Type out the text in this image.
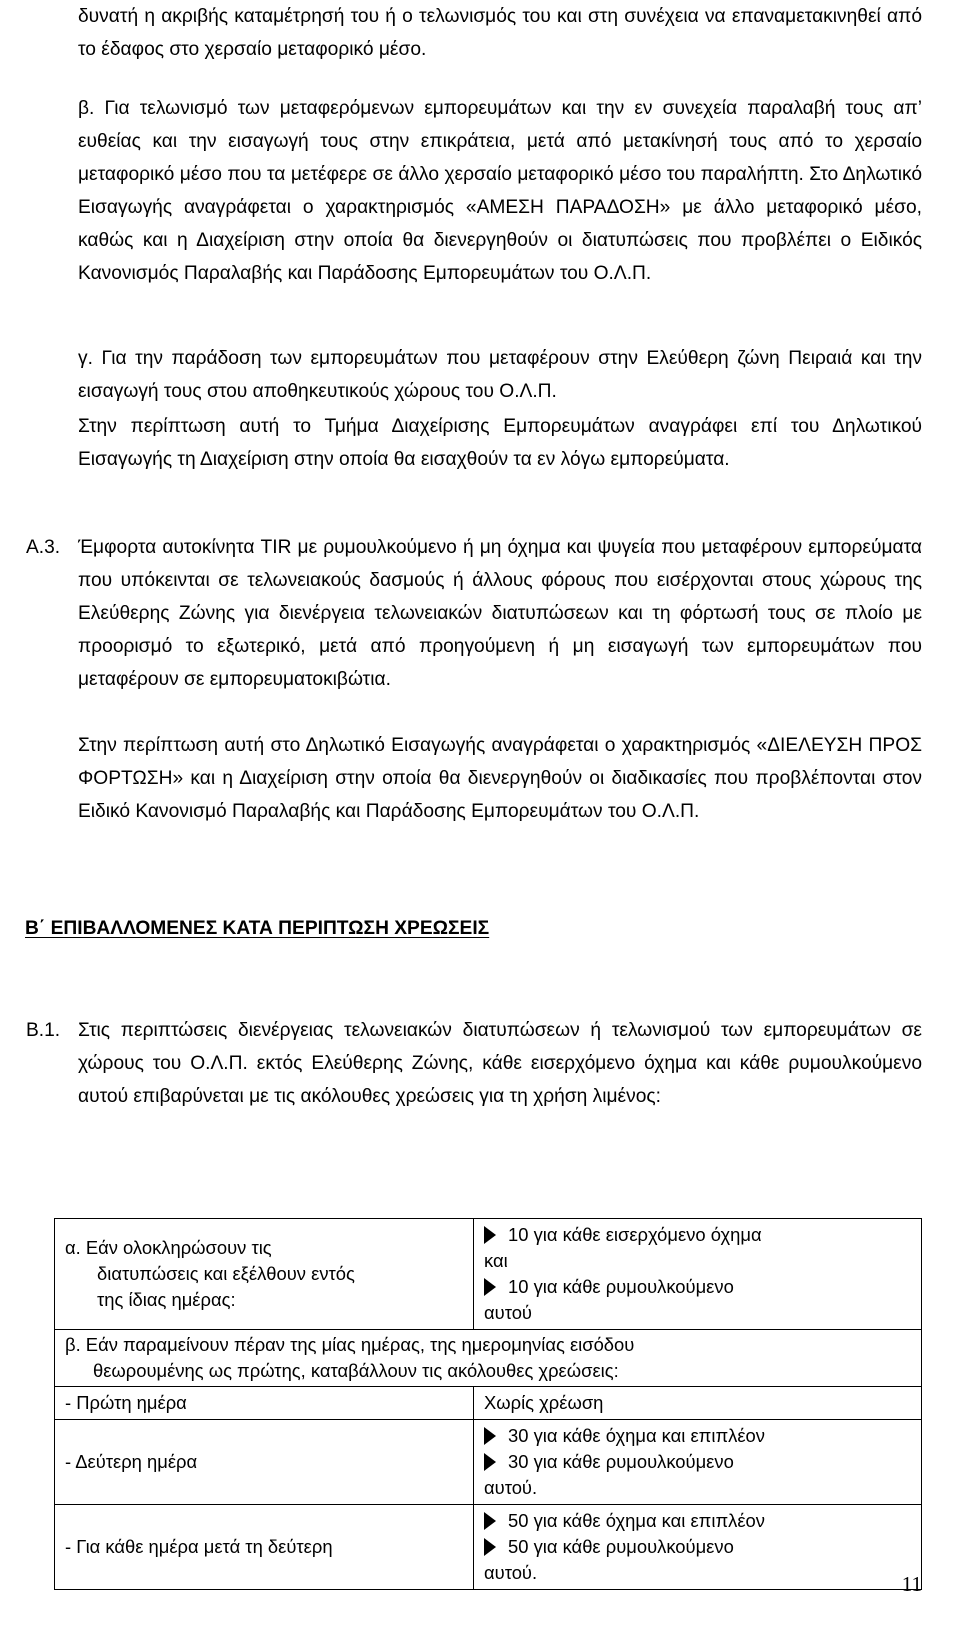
δυνατή η ακριβής καταμέτρησή του ή ο τελωνισμός του και στη συνέχεια να επαναμετακινηθεί από το έδαφος στο χερσαίο μεταφορικό μέσο.

β. Για τελωνισμό των μεταφερόμενων εμπορευμάτων και την εν συνεχεία παραλαβή τους απ’ ευθείας και την εισαγωγή τους στην επικράτεια, μετά από μετακίνησή τους από το χερσαίο μεταφορικό μέσο που τα μετέφερε σε άλλο χερσαίο μεταφορικό μέσο του παραλήπτη. Στο Δηλωτικό Εισαγωγής αναγράφεται ο χαρακτηρισμός «ΑΜΕΣΗ ΠΑΡΑΔΟΣΗ» με άλλο μεταφορικό μέσο, καθώς και η Διαχείριση στην οποία θα διενεργηθούν οι διατυπώσεις που προβλέπει ο Ειδικός Κανονισμός Παραλαβής και Παράδοσης Εμπορευμάτων του Ο.Λ.Π.

γ. Για την παράδοση των εμπορευμάτων που μεταφέρουν στην Ελεύθερη ζώνη Πειραιά και την εισαγωγή τους στου αποθηκευτικούς χώρους του Ο.Λ.Π.

Στην περίπτωση αυτή το Τμήμα Διαχείρισης Εμπορευμάτων αναγράφει επί του Δηλωτικού Εισαγωγής τη Διαχείριση στην οποία θα εισαχθούν τα εν λόγω εμπορεύματα.

Α.3. Έμφορτα αυτοκίνητα TIR με ρυμουλκούμενο ή μη όχημα και ψυγεία που μεταφέρουν εμπορεύματα που υπόκεινται σε τελωνειακούς δασμούς ή άλλους φόρους που εισέρχονται στους χώρους της Ελεύθερης Ζώνης για διενέργεια τελωνειακών διατυπώσεων και τη φόρτωσή τους σε πλοίο με προορισμό το εξωτερικό, μετά από προηγούμενη ή μη εισαγωγή των εμπορευμάτων που μεταφέρουν σε εμπορευματοκιβώτια.

Στην περίπτωση αυτή στο Δηλωτικό Εισαγωγής αναγράφεται ο χαρακτηρισμός «ΔΙΕΛΕΥΣΗ ΠΡΟΣ ΦΟΡΤΩΣΗ» και η Διαχείριση στην οποία θα διενεργηθούν οι διαδικασίες που προβλέπονται στον Ειδικό Κανονισμό Παραλαβής και Παράδοσης Εμπορευμάτων του Ο.Λ.Π.

Β΄ ΕΠΙΒΑΛΛΟΜΕΝΕΣ ΚΑΤΑ ΠΕΡΙΠΤΩΣΗ ΧΡΕΩΣΕΙΣ
Β.1. Στις περιπτώσεις διενέργειας τελωνειακών διατυπώσεων ή τελωνισμού των εμπορευμάτων σε χώρους του Ο.Λ.Π. εκτός Ελεύθερης Ζώνης, κάθε εισερχόμενο όχημα και κάθε ρυμουλκούμενο αυτού επιβαρύνεται με τις ακόλουθες χρεώσεις για τη χρήση λιμένος:

α. Εάν ολοκληρώσουν τις
διατυπώσεις και εξέλθουν εντός
της ίδιας ημέρας:
10 για κάθε εισερχόμενο όχημα
και
10 για κάθε ρυμουλκούμενο
αυτού
β. Εάν παραμείνουν πέραν της μίας ημέρας, της ημερομηνίας εισόδου
θεωρουμένης ως πρώτης, καταβάλλουν τις ακόλουθες χρεώσεις:
- Πρώτη ημέρα	Χωρίς χρέωση
- Δεύτερη ημέρα
30 για κάθε όχημα και επιπλέον
30 για κάθε ρυμουλκούμενο
αυτού.
- Για κάθε ημέρα μετά τη δεύτερη
50 για κάθε όχημα και επιπλέον
50 για κάθε ρυμουλκούμενο
αυτού.	11
